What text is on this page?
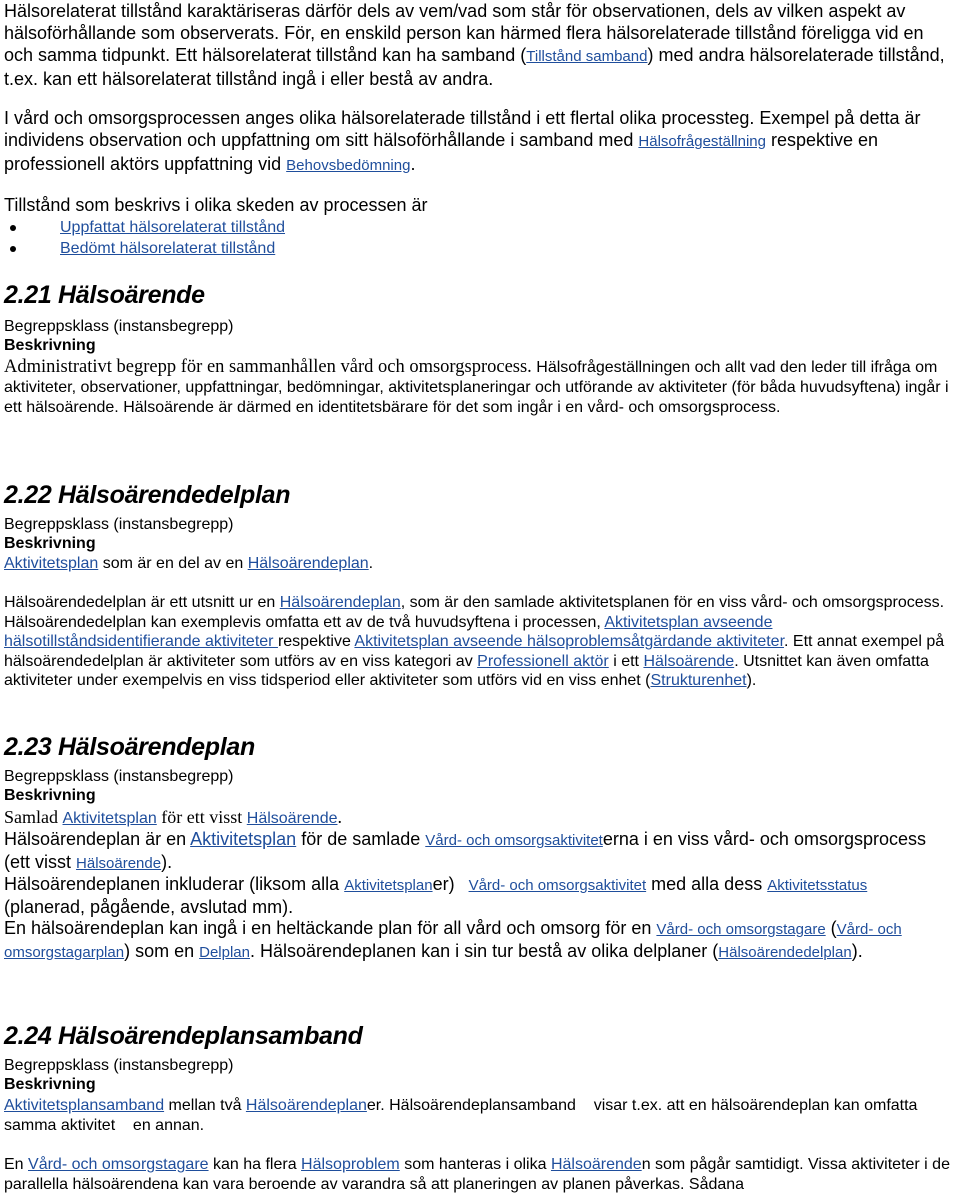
Hälsorelaterat tillstånd karaktäriseras därför dels av vem/vad som står för observationen, dels av vilken aspekt av hälsoförhållande som observerats. För, en enskild person kan härmed flera hälsorelaterade tillstånd föreligga vid en och samma tidpunkt. Ett hälsorelaterat tillstånd kan ha samband (Tillstånd samband) med andra hälsorelaterade tillstånd, t.ex. kan ett hälsorelaterat tillstånd ingå i eller bestå av andra.

I vård och omsorgsprocessen anges olika hälsorelaterade tillstånd i ett flertal olika processteg. Exempel på detta är individens observation och uppfattning om sitt hälsoförhållande i samband med Hälsofrågeställning respektive en professionell aktörs uppfattning vid Behovsbedömning.

Tillstånd som beskrivs i olika skeden av processen är

Uppfattat hälsorelaterat tillstånd
Bedömt hälsorelaterat tillstånd
2.21 Hälsoärende

Begreppsklass (instansbegrepp)

Beskrivning

Administrativt begrepp för en sammanhållen vård och omsorgsprocess. Hälsofrågeställningen och allt vad den leder till ifråga om aktiviteter, observationer, uppfattningar, bedömningar, aktivitetsplaneringar och utförande av aktiviteter (för båda huvudsyftena) ingår i ett hälsoärende. Hälsoärende är därmed en identitetsbärare för det som ingår i en vård- och omsorgsprocess.

2.22 Hälsoärendedelplan

Begreppsklass (instansbegrepp)

Beskrivning

Aktivitetsplan som är en del av en Hälsoärendeplan.

Hälsoärendedelplan är ett utsnitt ur en Hälsoärendeplan, som är den samlade aktivitetsplanen för en viss vård- och omsorgsprocess. Hälsoärendedelplan kan exemplevis omfatta ett av de två huvudsyftena i processen, Aktivitetsplan avseende hälsotillståndsidentifierande aktiviteter respektive Aktivitetsplan avseende hälsoproblemsåtgärdande aktiviteter. Ett annat exempel på hälsoärendedelplan är aktiviteter som utförs av en viss kategori av Professionell aktör i ett Hälsoärende. Utsnittet kan även omfatta aktiviteter under exempelvis en viss tidsperiod eller aktiviteter som utförs vid en viss enhet (Strukturenhet).

2.23 Hälsoärendeplan

Begreppsklass (instansbegrepp)

Beskrivning

Samlad Aktivitetsplan för ett visst Hälsoärende.

Hälsoärendeplan är en Aktivitetsplan för de samlade Vård- och omsorgsaktiviteterna i en viss vård- och omsorgsprocess (ett visst Hälsoärende).

Hälsoärendeplanen inkluderar (liksom alla Aktivitetsplaner) Vård- och omsorgsaktivitet med alla dess Aktivitetsstatus (planerad, pågående, avslutad mm).

En hälsoärendeplan kan ingå i en heltäckande plan för all vård och omsorg för en Vård- och omsorgstagare (Vård- och omsorgstagarplan) som en Delplan. Hälsoärendeplanen kan i sin tur bestå av olika delplaner (Hälsoärendedelplan).

2.24 Hälsoärendeplansamband

Begreppsklass (instansbegrepp)

Beskrivning

Aktivitetsplansamband mellan två Hälsoärendeplaner. Hälsoärendeplansamband    visar t.ex. att en hälsoärendeplan kan omfatta samma aktivitet    en annan.

En Vård- och omsorgstagare kan ha flera Hälsoproblem som hanteras i olika Hälsoärenden som pågår samtidigt. Vissa aktiviteter i de parallella hälsoärendena kan vara beroende av varandra så att planeringen av planen påverkas. Sådana
